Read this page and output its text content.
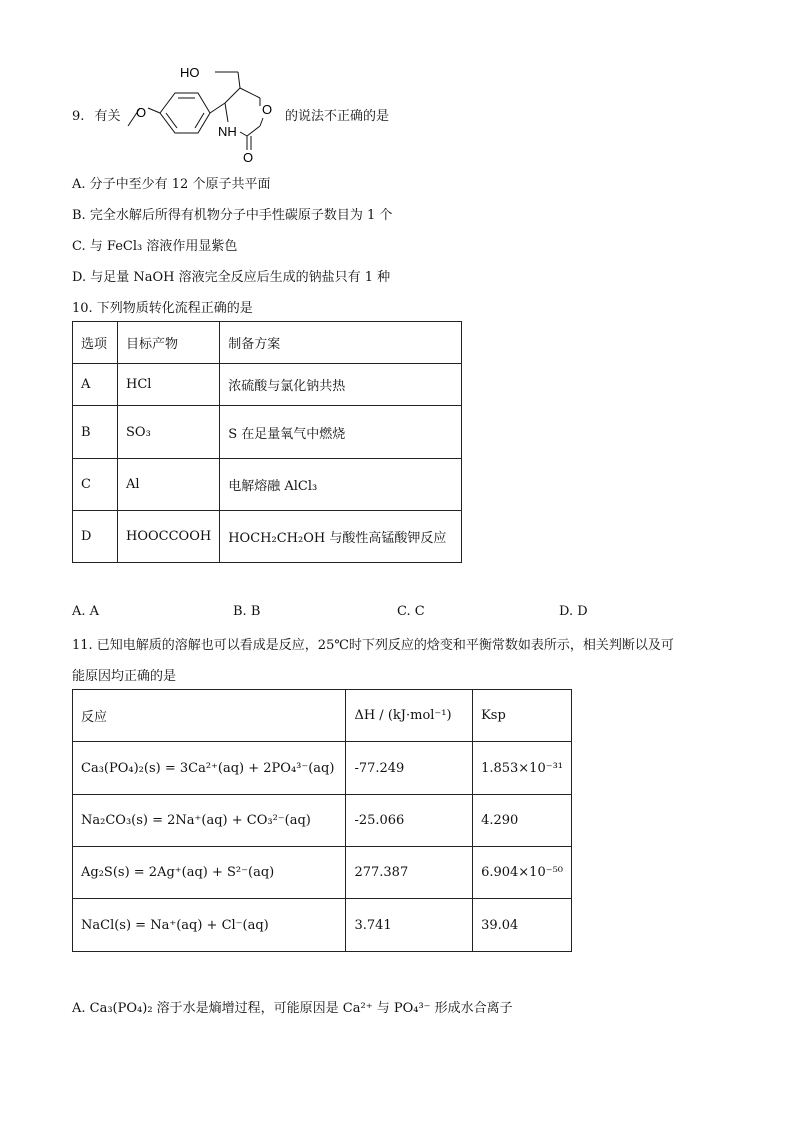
9. 有关 O	O
O
NH
HO
的说法不正确的是
A. 分子中至少有 12 个原子共平面
B. 完全水解后所得有机物分子中手性碳原子数目为 1 个
C. 与 FeCl₃ 溶液作用显紫色
D. 与足量 NaOH 溶液完全反应后生成的钠盐只有 1 种
10. 下列物质转化流程正确的是
选项	目标产物	制备方案
A	HCl	浓硫酸与氯化钠共热
B	SO₃	S 在足量氧气中燃烧
C	Al	电解熔融 AlCl₃
D	HOOCCOOH	HOCH₂CH₂OH 与酸性高锰酸钾反应
A. A	B. B	C. C	D. D
11. 已知电解质的溶解也可以看成是反应，25℃时下列反应的焓变和平衡常数如表所示，相关判断以及可
能原因均正确的是
反应	ΔH / (kJ·mol⁻¹)	Ksp
Ca₃(PO₄)₂(s) = 3Ca²⁺(aq) + 2PO₄³⁻(aq)	-77.249	1.853×10⁻³¹
Na₂CO₃(s) = 2Na⁺(aq) + CO₃²⁻(aq)	-25.066	4.290
Ag₂S(s) = 2Ag⁺(aq) + S²⁻(aq)	277.387	6.904×10⁻⁵⁰
NaCl(s) = Na⁺(aq) + Cl⁻(aq)	3.741	39.04
A. Ca₃(PO₄)₂ 溶于水是熵增过程，可能原因是 Ca²⁺ 与 PO₄³⁻ 形成水合离子
